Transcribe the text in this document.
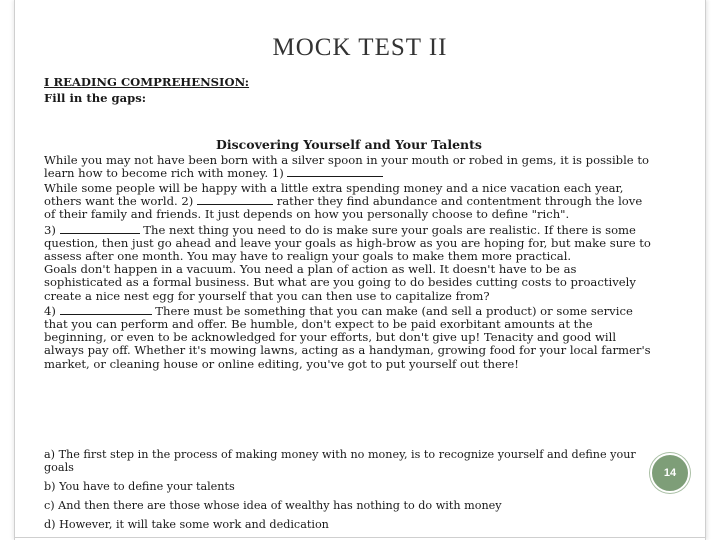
MOCK TEST II

I READING COMPREHENSION:

Fill in the gaps:

Discovering Yourself and Your Talents

While you may not have been born with a silver spoon in your mouth or robed in gems, it is possible to learn how to become rich with money. 1)

While some people will be happy with a little extra spending money and a nice vacation each year, others want the world. 2)	rather they find abundance and contentment through the love of their family and friends. It just depends on how you personally choose to define "rich".

3)	The next thing you need to do is make sure your goals are realistic. If there is some question, then just go ahead and leave your goals as high-brow as you are hoping for, but make sure to assess after one month. You may have to realign your goals to make them more practical.

Goals don't happen in a vacuum. You need a plan of action as well. It doesn't have to be as sophisticated as a formal business. But what are you going to do besides cutting costs to proactively create a nice nest egg for yourself that you can then use to capitalize from?

4)	There must be something that you can make (and sell a product) or some service that you can perform and offer. Be humble, don't expect to be paid exorbitant amounts at the beginning, or even to be acknowledged for your efforts, but don't give up! Tenacity and good will always pay off. Whether it's mowing lawns, acting as a handyman, growing food for your local farmer's market, or cleaning house or online editing, you've got to put yourself out there!

a) The first step in the process of making money with no money, is to recognize yourself and define your goals

b) You have to define your talents

c) And then there are those whose idea of wealthy has nothing to do with money

d) However, it will take some work and dedication

14
